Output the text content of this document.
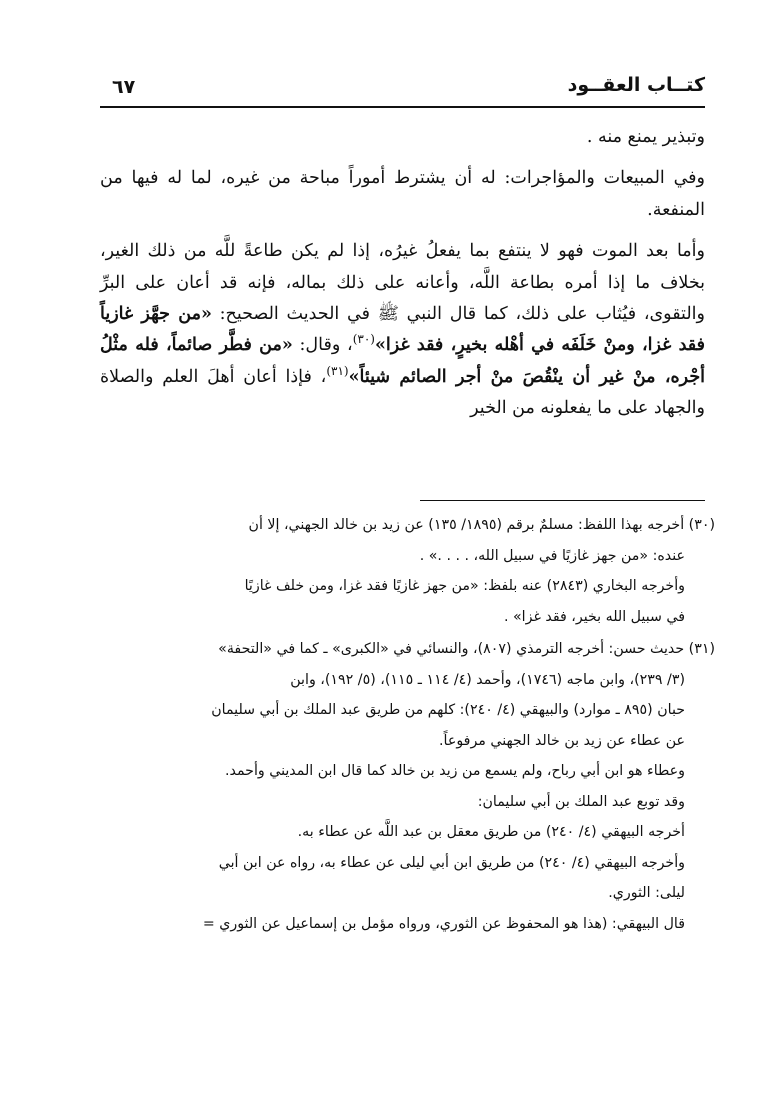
كتــاب العقــود
٦٧

وتبذير يمنع منه .

وفي المبيعات والمؤاجرات: له أن يشترط أموراً مباحة من غيره، لما له فيها من المنفعة.

وأما بعد الموت فهو لا ينتفع بما يفعلُ غيرُه، إذا لم يكن طاعةً للَّه من ذلك الغير، بخلاف ما إذا أمره بطاعة اللَّه، وأعانه على ذلك بماله، فإنه قد أعان على البرِّ والتقوى، فيُثاب على ذلك، كما قال النبي ﷺ في الحديث الصحيح: «من جهَّز غازياً فقد غزا، ومنْ خَلَفَه في أهْله بخيرٍ، فقد غزا»$^{(٣٠)}$، وقال: «من فطَّر صائماً، فله مثْلُ أجْره، منْ غير أن ينْقُصَ منْ أجر الصائم شيئاً»$^{(٣١)}$، فإذا أعان أهلَ العلم والصلاة والجهاد على ما يفعلونه من الخير

(٣٠) أخرجه بهذا اللفظ: مسلمٌ برقم (١٨٩٥/ ١٣٥) عن زيد بن خالد الجهني، إلا أن

عنده: «من جهز غازيًا في سبيل الله، . . . .» .

وأخرجه البخاري (٢٨٤٣) عنه بلفظ: «من جهز غازيًا فقد غزا، ومن خلف غازيًا

في سبيل الله بخير، فقد غزا» .

(٣١) حديث حسن: أخرجه الترمذي (٨٠٧)، والنسائي في «الكبرى» ـ كما في «التحفة»

(٣/ ٢٣٩)، وابن ماجه (١٧٤٦)، وأحمد (٤/ ١١٤ ـ ١١٥)، (٥/ ١٩٢)، وابن

حبان (٨٩٥ ـ موارد) والبيهقي (٤/ ٢٤٠): كلهم من طريق عبد الملك بن أبي سليمان

عن عطاء عن زيد بن خالد الجهني مرفوعاً.

وعطاء هو ابن أبي رباح، ولم يسمع من زيد بن خالد كما قال ابن المديني وأحمد.

وقد توبع عبد الملك بن أبي سليمان:

أخرجه البيهقي (٤/ ٢٤٠) من طريق معقل بن عبد اللَّه عن عطاء به.

وأخرجه البيهقي (٤/ ٢٤٠) من طريق ابن أبي ليلى عن عطاء به، رواه عن ابن أبي

ليلى: الثوري.

قال البيهقي: (هذا هو المحفوظ عن الثوري، ورواه مؤمل بن إسماعيل عن الثوري =
